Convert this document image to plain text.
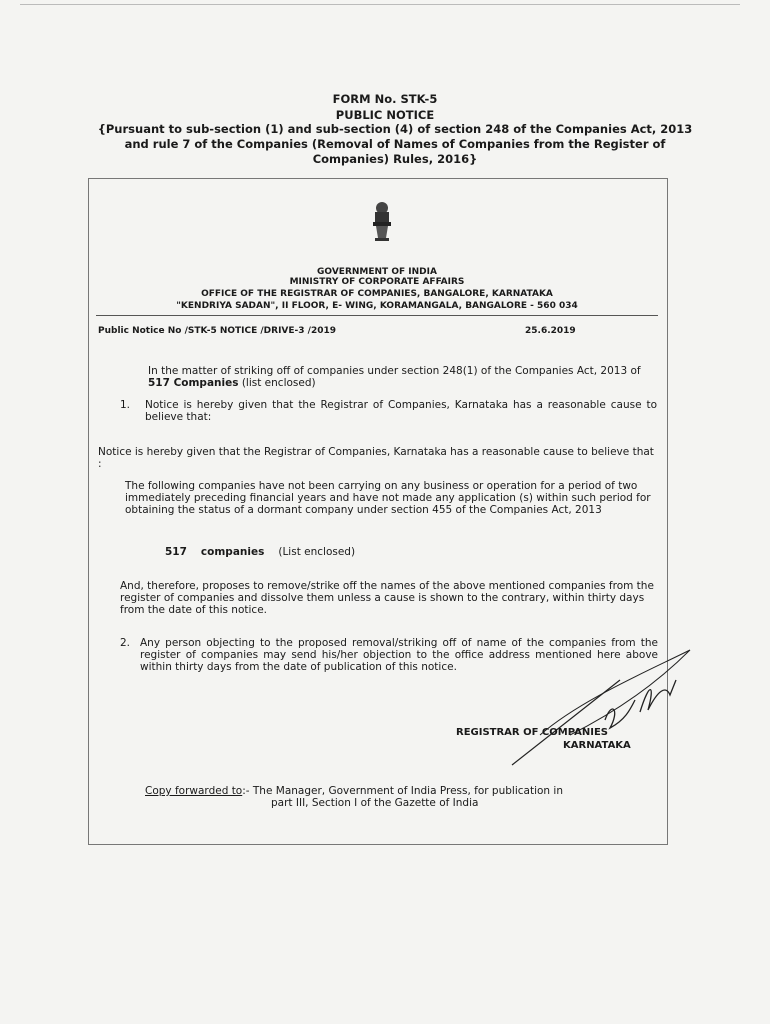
FORM No. STK-5
PUBLIC NOTICE
{Pursuant to sub-section (1) and sub-section (4) of section 248 of the Companies Act, 2013 and rule 7 of the Companies (Removal of Names of Companies from the Register of Companies) Rules, 2016}
GOVERNMENT OF INDIA
MINISTRY OF CORPORATE AFFAIRS
OFFICE OF THE REGISTRAR OF COMPANIES, BANGALORE, KARNATAKA
"KENDRIYA SADAN", II FLOOR, E- WING, KORAMANGALA, BANGALORE - 560 034
Public Notice No /STK-5 NOTICE /DRIVE-3 /2019	25.6.2019
In the matter of striking off of companies under section 248(1) of the Companies Act, 2013 of 517 Companies (list enclosed)
1. Notice is hereby given that the Registrar of Companies, Karnataka has a reasonable cause to believe that:
Notice is hereby given that the Registrar of Companies, Karnataka has a reasonable cause to believe that :
The following companies have not been carrying on any business or operation for a period of two immediately preceding financial years and have not made any application (s) within such period for obtaining the status of a dormant company under section 455 of the Companies Act, 2013
517 companies (List enclosed)
And, therefore, proposes to remove/strike off the names of the above mentioned companies from the register of companies and dissolve them unless a cause is shown to the contrary, within thirty days from the date of this notice.
2. Any person objecting to the proposed removal/striking off of name of the companies from the register of companies may send his/her objection to the office address mentioned here above within thirty days from the date of publication of this notice.
REGISTRAR OF COMPANIES
KARNATAKA
Copy forwarded to:- The Manager, Government of India Press, for publication in
part III, Section I of the Gazette of India
